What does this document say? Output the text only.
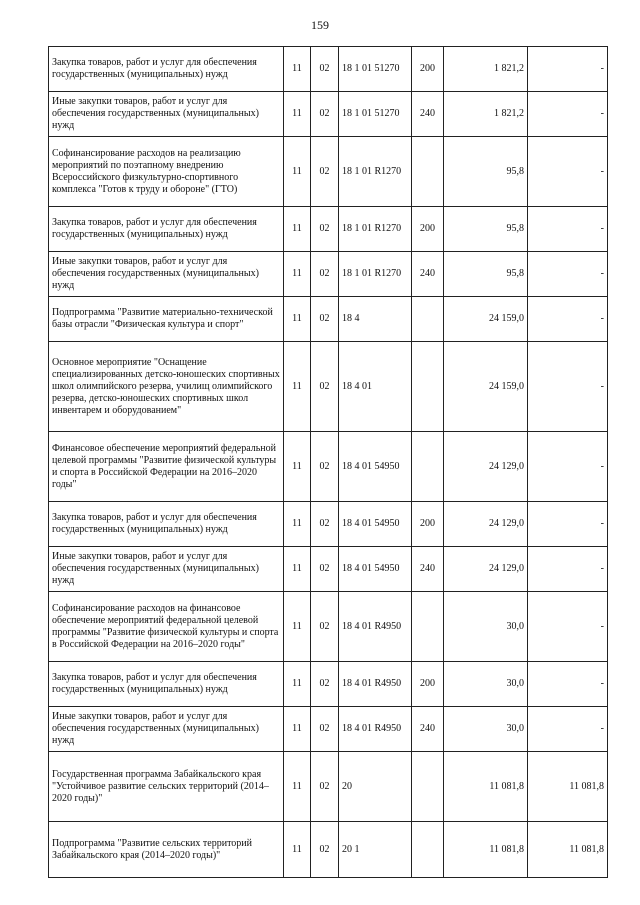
159
Закупка товаров, работ и услуг для обеспечения государственных (муниципальных) нужд	11	02	18 1 01 51270	200	1 821,2	-
Иные закупки товаров, работ и услуг для обеспечения государственных (муниципальных) нужд	11	02	18 1 01 51270	240	1 821,2	-
Софинансирование расходов на реализацию мероприятий по поэтапному внедрению Всероссийского физкультурно-спортивного комплекса "Готов к труду и обороне" (ГТО)	11	02	18 1 01 R1270		95,8	-
Закупка товаров, работ и услуг для обеспечения государственных (муниципальных) нужд	11	02	18 1 01 R1270	200	95,8	-
Иные закупки товаров, работ и услуг для обеспечения государственных (муниципальных) нужд	11	02	18 1 01 R1270	240	95,8	-
Подпрограмма "Развитие материально-технической базы отрасли "Физическая культура и спорт"	11	02	18 4		24 159,0	-
Основное мероприятие "Оснащение специализированных детско-юношеских спортивных школ олимпийского резерва, училищ олимпийского резерва, детско-юношеских спортивных школ инвентарем и оборудованием"	11	02	18 4 01		24 159,0	-
Финансовое обеспечение мероприятий федеральной целевой программы "Развитие физической культуры и спорта в Российской Федерации на 2016–2020 годы"	11	02	18 4 01 54950		24 129,0	-
Закупка товаров, работ и услуг для обеспечения государственных (муниципальных) нужд	11	02	18 4 01 54950	200	24 129,0	-
Иные закупки товаров, работ и услуг для обеспечения государственных (муниципальных) нужд	11	02	18 4 01 54950	240	24 129,0	-
Софинансирование расходов на финансовое обеспечение мероприятий федеральной целевой программы "Развитие физической культуры и спорта в Российской Федерации на 2016–2020 годы"	11	02	18 4 01 R4950		30,0	-
Закупка товаров, работ и услуг для обеспечения государственных (муниципальных) нужд	11	02	18 4 01 R4950	200	30,0	-
Иные закупки товаров, работ и услуг для обеспечения государственных (муниципальных) нужд	11	02	18 4 01 R4950	240	30,0	-
Государственная программа Забайкальского края "Устойчивое развитие сельских территорий (2014–2020 годы)"	11	02	20		11 081,8	11 081,8
Подпрограмма "Развитие сельских территорий Забайкальского края (2014–2020 годы)"	11	02	20 1		11 081,8	11 081,8
